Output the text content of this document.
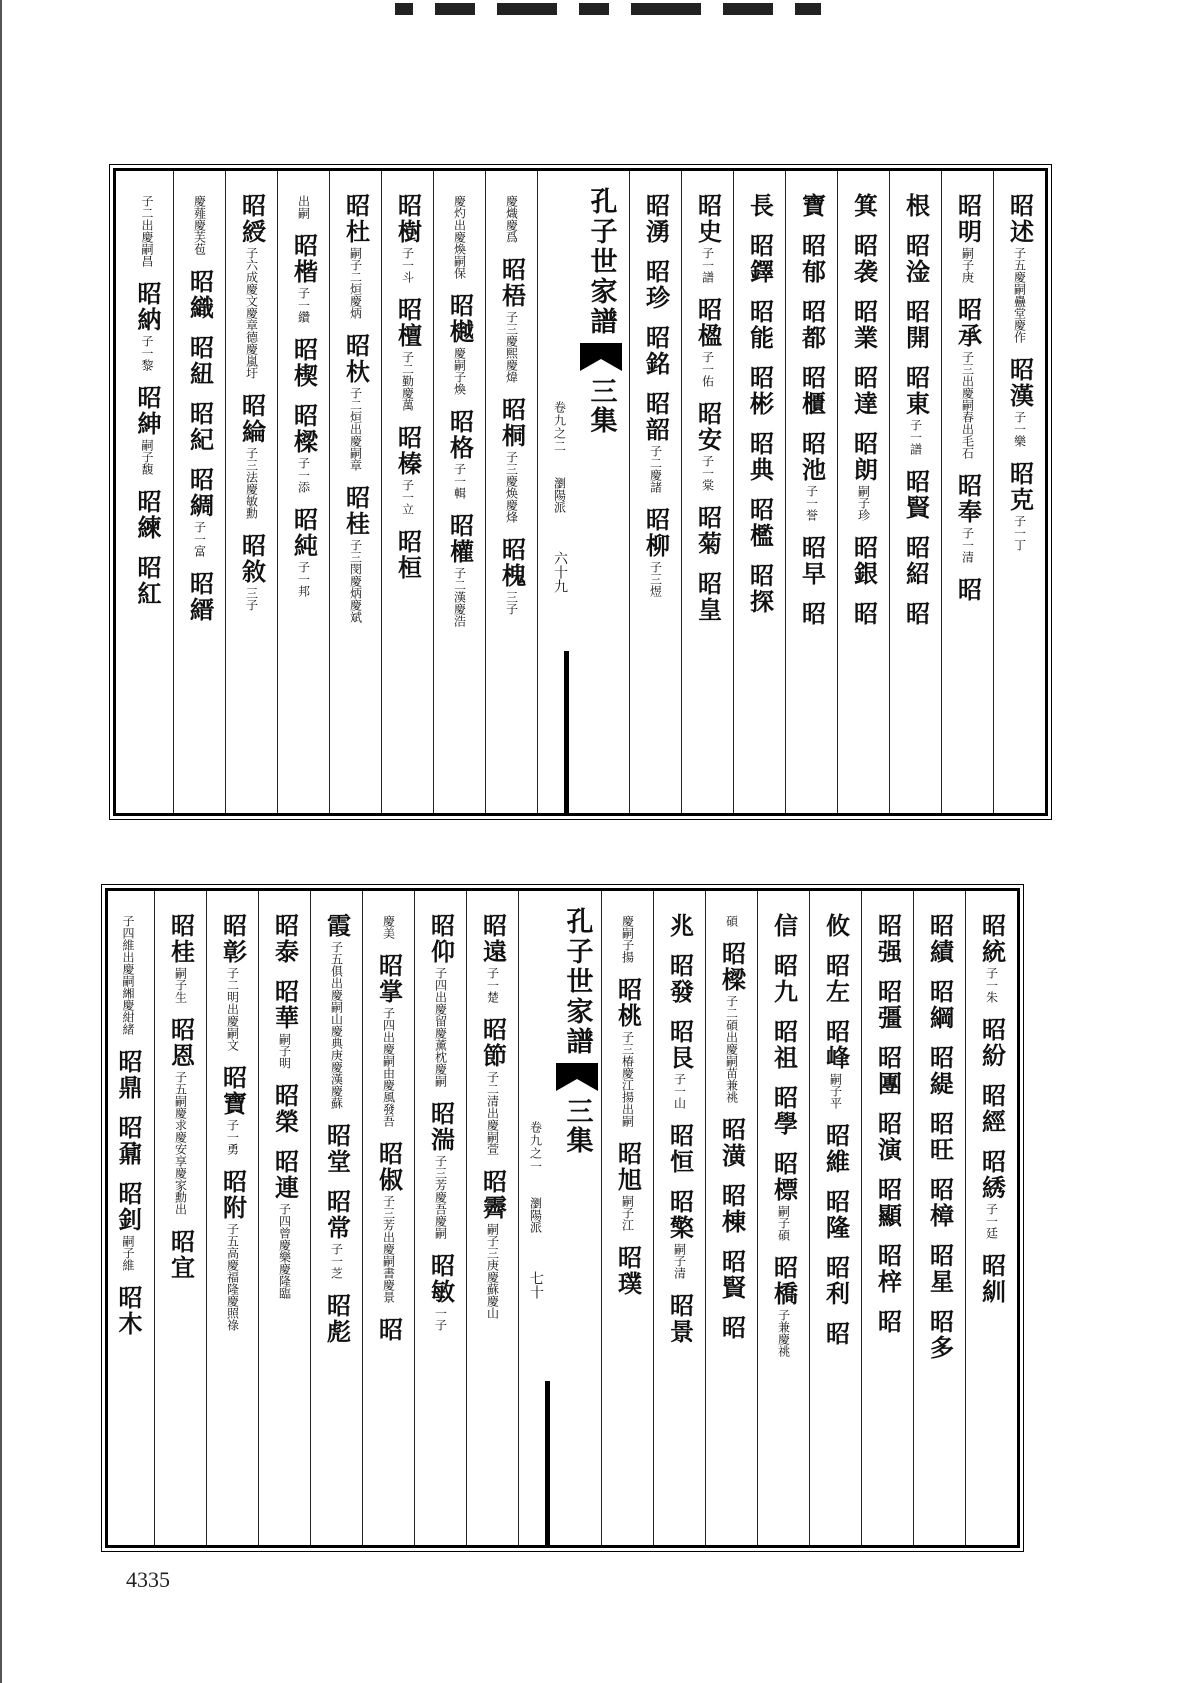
昭述
子五慶嗣蠱堂慶作
昭漢
子一樂
昭克
子一丁
昭明
嗣子庚
昭承
子三出慶嗣春出毛石
昭奉
子一清
昭
根
昭淦
昭開
昭東
子一譜
昭賢
昭紹
昭
箕
昭袭
昭業
昭達
昭朗
嗣子珍
昭銀
昭
寶
昭郁
昭都
昭櫃
昭池
子一誉
昭早
昭
長
昭鐸
昭能
昭彬
昭典
昭檻
昭探
昭史
子一譜
昭楹
子一佑
昭安
子一棠
昭菊
昭皇
昭湧
昭珍
昭銘
昭韶
子二慶諸
昭柳
子三煜
孔子世家譜
三集
卷九之二
瀏陽派
六十九
慶熾慶爲
昭梧
子三慶熙慶煒
昭桐
子三慶焕慶烽
昭槐
三子
慶灼出慶煥嗣保
昭樾
慶嗣子煥
昭格
子一輯
昭權
子二漢慶浩
昭樹
子一斗
昭檀
子二勤慶萬
昭榛
子一立
昭桓
昭杜
嗣子二烜慶炳
昭杕
子二烜出慶嗣章
昭桂
子三閔慶炳慶斌
出嗣
昭楷
子一纘
昭楔
昭樑
子一添
昭純
子一邦
昭綬
子六成慶文慶章德慶嵐圩
昭綸
子三法慶敏勳
昭敘
三子
慶薤慶芙苞
昭織
昭紐
昭紀
昭綢
子一富
昭縉
子二出慶嗣昌
昭納
子一黎
昭紳
嗣子馥
昭練
昭紅
昭統
子一朱
昭紛
昭經
昭綉
子一廷
昭紃
昭績
昭綱
昭緹
昭旺
昭樟
昭星
昭多
昭强
昭彊
昭團
昭演
昭顯
昭梓
昭
攸
昭左
昭峰
嗣子平
昭維
昭隆
昭利
昭
信
昭九
昭祖
昭學
昭標
嗣子碩
昭橋
子兼慶祧
碩
昭樑
子二碩出慶嗣苗兼祧
昭潢
昭棟
昭賢
昭
兆
昭發
昭艮
子一山
昭恒
昭檠
嗣子清
昭景
慶嗣子揚
昭桃
子三椿慶江揚出嗣
昭旭
嗣子江
昭璞
孔子世家譜
三集
卷九之一
瀏陽派
七十
昭遠
子一楚
昭節
子二清出慶嗣萱
昭霽
嗣子三庚慶蘇慶山
昭仰
子四出慶留慶薰枕慶嗣
昭湍
子三芳慶吾慶嗣
昭敏
一子
慶美
昭掌
子四出慶嗣由慶風發吾
昭俶
子三芳出慶嗣書慶景
昭
霞
子五俱出慶嗣山慶典庚慶漢慶蘇
昭堂
昭常
子一芝
昭彪
昭泰
昭華
嗣子明
昭榮
昭連
子四曾慶樂慶隆臨
昭彰
子二明出慶嗣文
昭寶
子一勇
昭附
子五高慶福隆慶照祿
昭桂
嗣子生
昭恩
子五嗣慶求慶安享慶家勳出
昭宜
子四維出慶嗣緗慶紺緒
昭鼎
昭鼐
昭釗
嗣子維
昭木
4335
